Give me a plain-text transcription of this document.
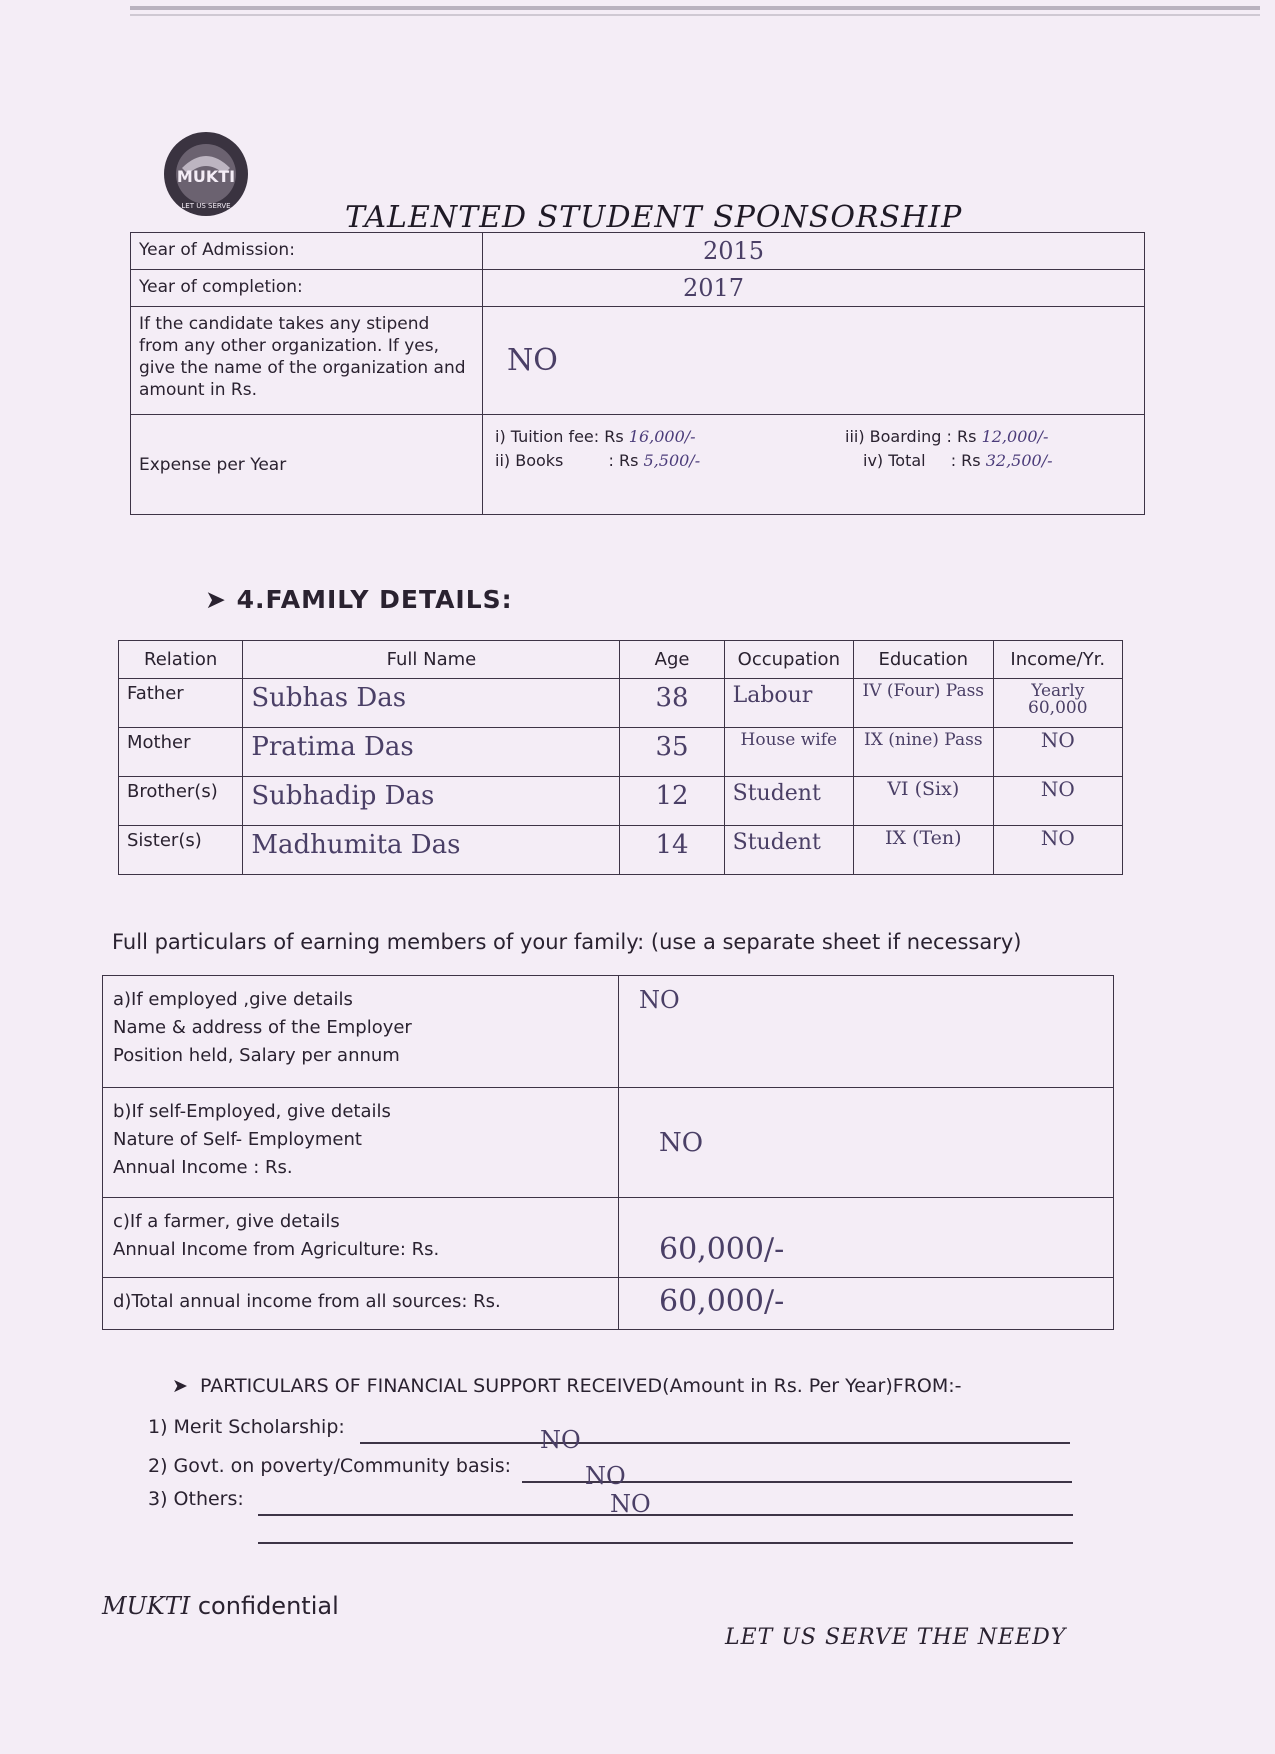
MUKTI
LET US SERVE	TALENTED STUDENT SPONSORSHIP
Year of Admission:	2015
Year of completion:	2017
If the candidate takes any stipend from any other organization. If yes, give the name of the organization and amount in Rs.	NO
Expense per Year	i) Tuition fee: Rs 16,000/- iii) Boarding : Rs 12,000/-
ii) Books : Rs 5,500/- iv) Total : Rs 32,500/-
➤ 4.FAMILY DETAILS:
Relation	Full Name	Age	Occupation	Education	Income/Yr.
Father	Subhas Das	38	Labour	IV (Four) Pass	Yearly 60,000
Mother	Pratima Das	35	House wife	IX (nine) Pass	NO
Brother(s)	Subhadip Das	12	Student	VI (Six)	NO
Sister(s)	Madhumita Das	14	Student	IX (Ten)	NO
Full particulars of earning members of your family: (use a separate sheet if necessary)
a)If employed ,give details
Name & address of the Employer
Position held, Salary per annum	NO

b)If self-Employed, give details
Nature of Self- Employment
Annual Income : Rs.	NO

c)If a farmer, give details
Annual Income from Agriculture: Rs.	60,000/-
d)Total annual income from all sources: Rs.	60,000/-
➤  PARTICULARS OF FINANCIAL SUPPORT RECEIVED(Amount in Rs. Per Year)FROM:-
1) Merit Scholarship:	NO
2) Govt. on poverty/Community basis:	NO
3) Others:	NO
MUKTI confidential
LET US SERVE THE NEEDY
